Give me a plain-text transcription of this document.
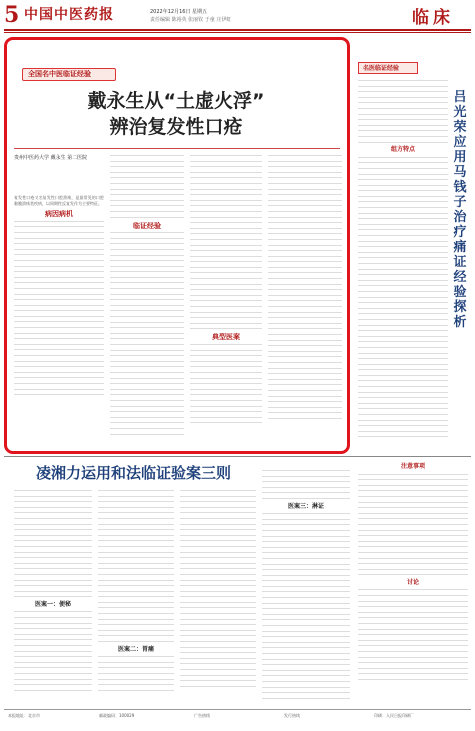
5 中国中医药报	2022年12月16日 星期五
责任编辑 陈裕英 张丽钦 于童 庄伊虹	临床
全国名中医临证经验
戴永生从“土虚火浮”
辨治复发性口疮
贵州中医药大学 戴永生 第二医院
复发性口疮又名复发性口腔溃疡，是最常见的口腔黏膜溃疡类疾病，以周期性反复发作为主要特征。
病因病机
临证经验
典型医案
名医临证经验
吕光荣应用马钱子治疗痛证经验探析
组方特点
凌湘力运用和法临证验案三则
医案一：便秘
医案二：胃痛
医案三：淋证
注意事项
讨论
本报地址：北京市	邮政编码：100029	广告热线	发行热线	印刷：人民日报印刷厂
